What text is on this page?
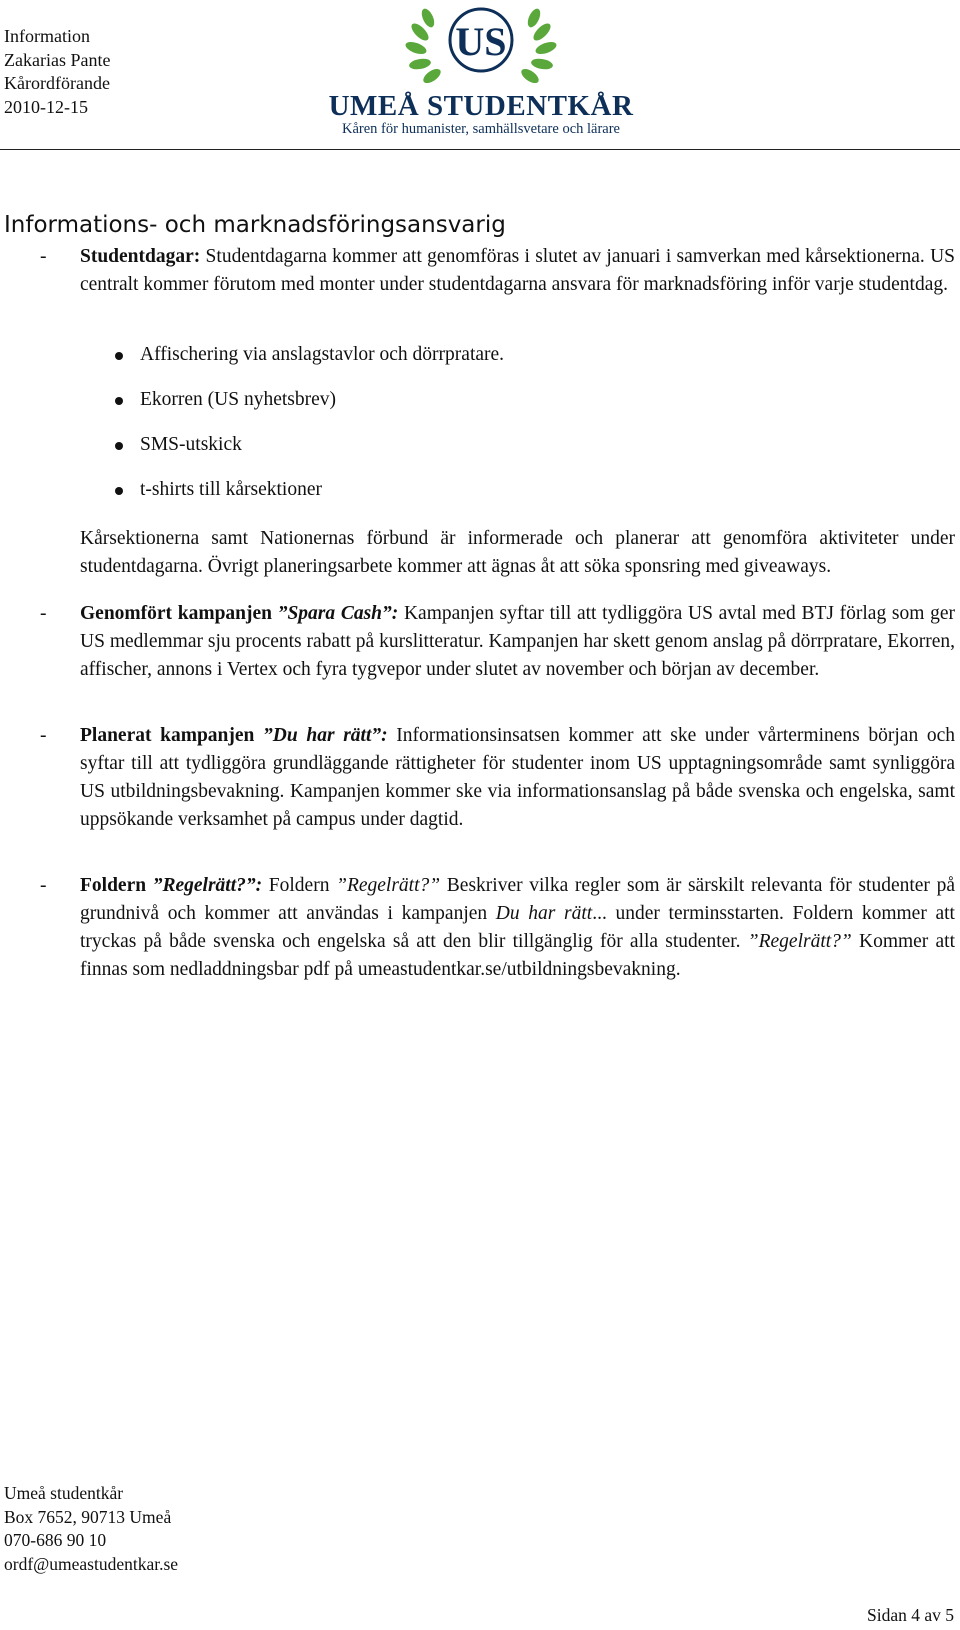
Information
Zakarias Pante
Kårordförande
2010-12-15
US
UMEÅ STUDENTKÅR
Kåren för humanister, samhällsvetare och lärare
Informations- och marknadsföringsansvarig
- Studentdagar: Studentdagarna kommer att genomföras i slutet av januari i samverkan med kårsektionerna. US centralt kommer förutom med monter under studentdagarna ansvara för marknadsföring inför varje studentdag.
Affischering via anslagstavlor och dörrpratare.
Ekorren (US nyhetsbrev)
SMS-utskick
t-shirts till kårsektioner
Kårsektionerna samt Nationernas förbund är informerade och planerar att genomföra aktiviteter under studentdagarna. Övrigt planeringsarbete kommer att ägnas åt att söka sponsring med giveaways.
- Genomfört kampanjen ”Spara Cash”: Kampanjen syftar till att tydliggöra US avtal med BTJ förlag som ger US medlemmar sju procents rabatt på kurslitteratur. Kampanjen har skett genom anslag på dörrpratare, Ekorren, affischer, annons i Vertex och fyra tygvepor under slutet av november och början av december.
- Planerat kampanjen ”Du har rätt”: Informationsinsatsen kommer att ske under vårterminens början och syftar till att tydliggöra grundläggande rättigheter för studenter inom US upptagningsområde samt synliggöra US utbildningsbevakning. Kampanjen kommer ske via informationsanslag på både svenska och engelska, samt uppsökande verksamhet på campus under dagtid.
- Foldern ”Regelrätt?”: Foldern ”Regelrätt?” Beskriver vilka regler som är särskilt relevanta för studenter på grundnivå och kommer att användas i kampanjen Du har rätt... under terminsstarten. Foldern kommer att tryckas på både svenska och engelska så att den blir tillgänglig för alla studenter. ”Regelrätt?” Kommer att finnas som nedladdningsbar pdf på umeastudentkar.se/utbildningsbevakning.
Umeå studentkår
Box 7652, 90713 Umeå
070-686 90 10
ordf@umeastudentkar.se
Sidan 4 av 5
